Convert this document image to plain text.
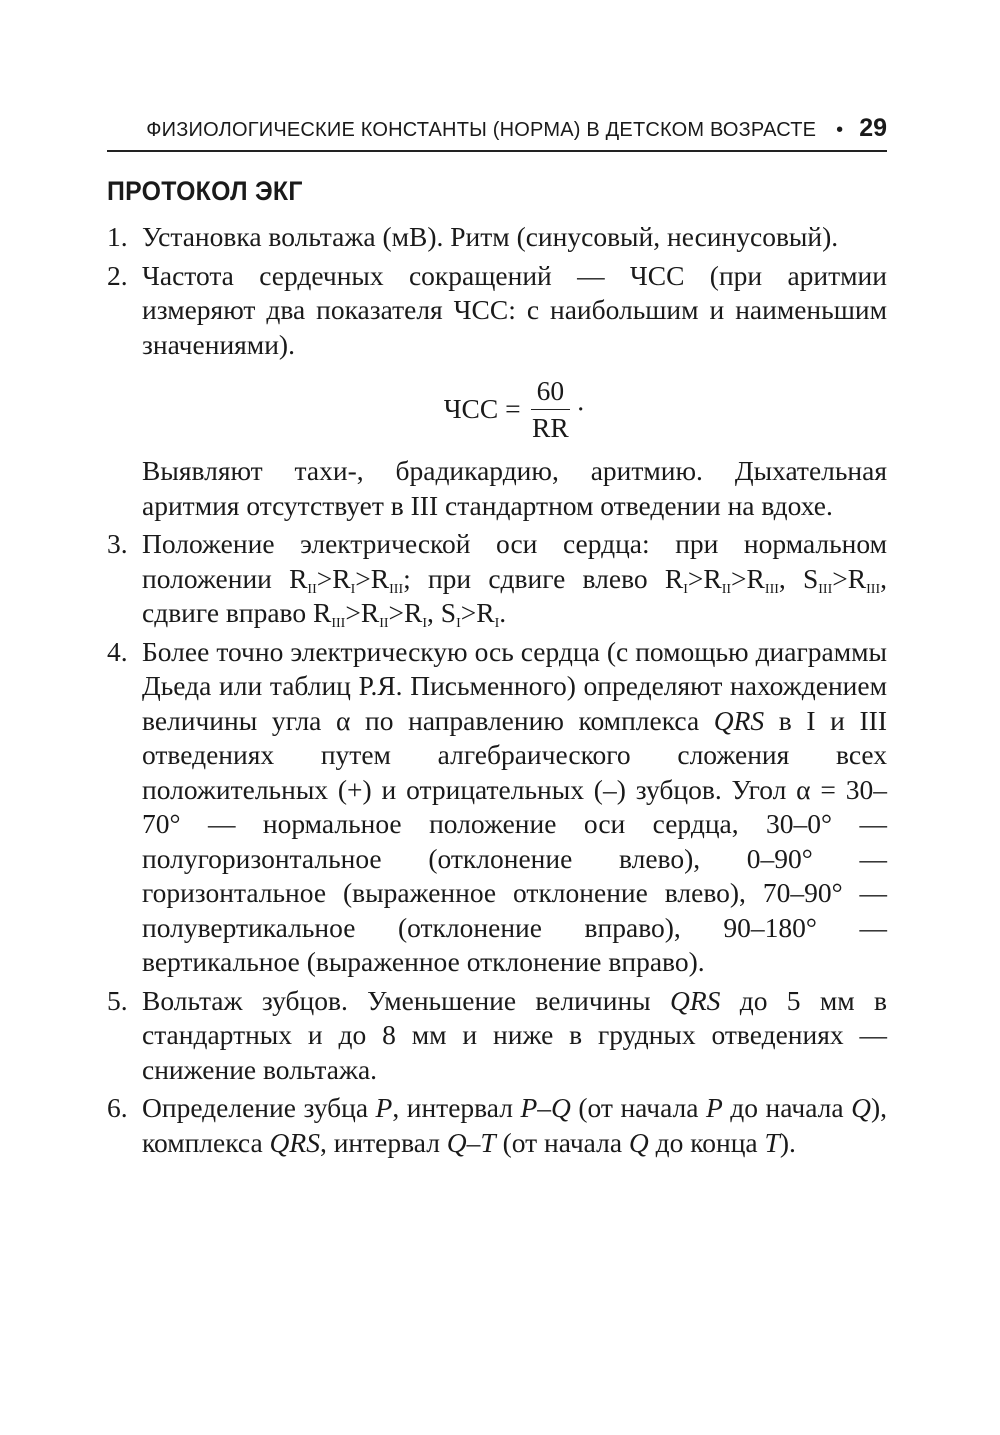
ФИЗИОЛОГИЧЕСКИЕ КОНСТАНТЫ (НОРМА) В ДЕТСКОМ ВОЗРАСТЕ • 29
ПРОТОКОЛ ЭКГ
1. Установка вольтажа (мВ). Ритм (синусовый, несинусовый).

2. Частота сердечных сокращений — ЧСС (при аритмии измеряют два показателя ЧСС: с наибольшим и наименьшим значениями).

ЧСС = $\frac{60}{RR}$ ·

Выявляют тахи-, брадикардию, аритмию. Дыхательная аритмия отсутствует в III стандартном отведении на вдохе.

3. Положение электрической оси сердца: при нормальном положении $R_{II}>R_I>R_{III}$; при сдвиге влево $R_I>R_{II}>R_{III}$, $S_{III}>R_{III}$, сдвиге вправо $R_{III}>R_{II}>R_I$, $S_I>R_I$.

4. Более точно электрическую ось сердца (с помощью диаграммы Дьеда или таблиц Р.Я. Письменного) определяют нахождением величины угла α по направлению комплекса QRS в I и III отведениях путем алгебраического сложения всех положительных (+) и отрицательных (–) зубцов. Угол α = 30–70° — нормальное положение оси сердца, 30–0° — полугоризонтальное (отклонение влево), 0–90° — горизонтальное (выраженное отклонение влево), 70–90° — полувертикальное (отклонение вправо), 90–180° — вертикальное (выраженное отклонение вправо).

5. Вольтаж зубцов. Уменьшение величины QRS до 5 мм в стандартных и до 8 мм и ниже в грудных отведениях — снижение вольтажа.

6. Определение зубца P, интервал P–Q (от начала P до начала Q), комплекса QRS, интервал Q–T (от начала Q до конца T).
